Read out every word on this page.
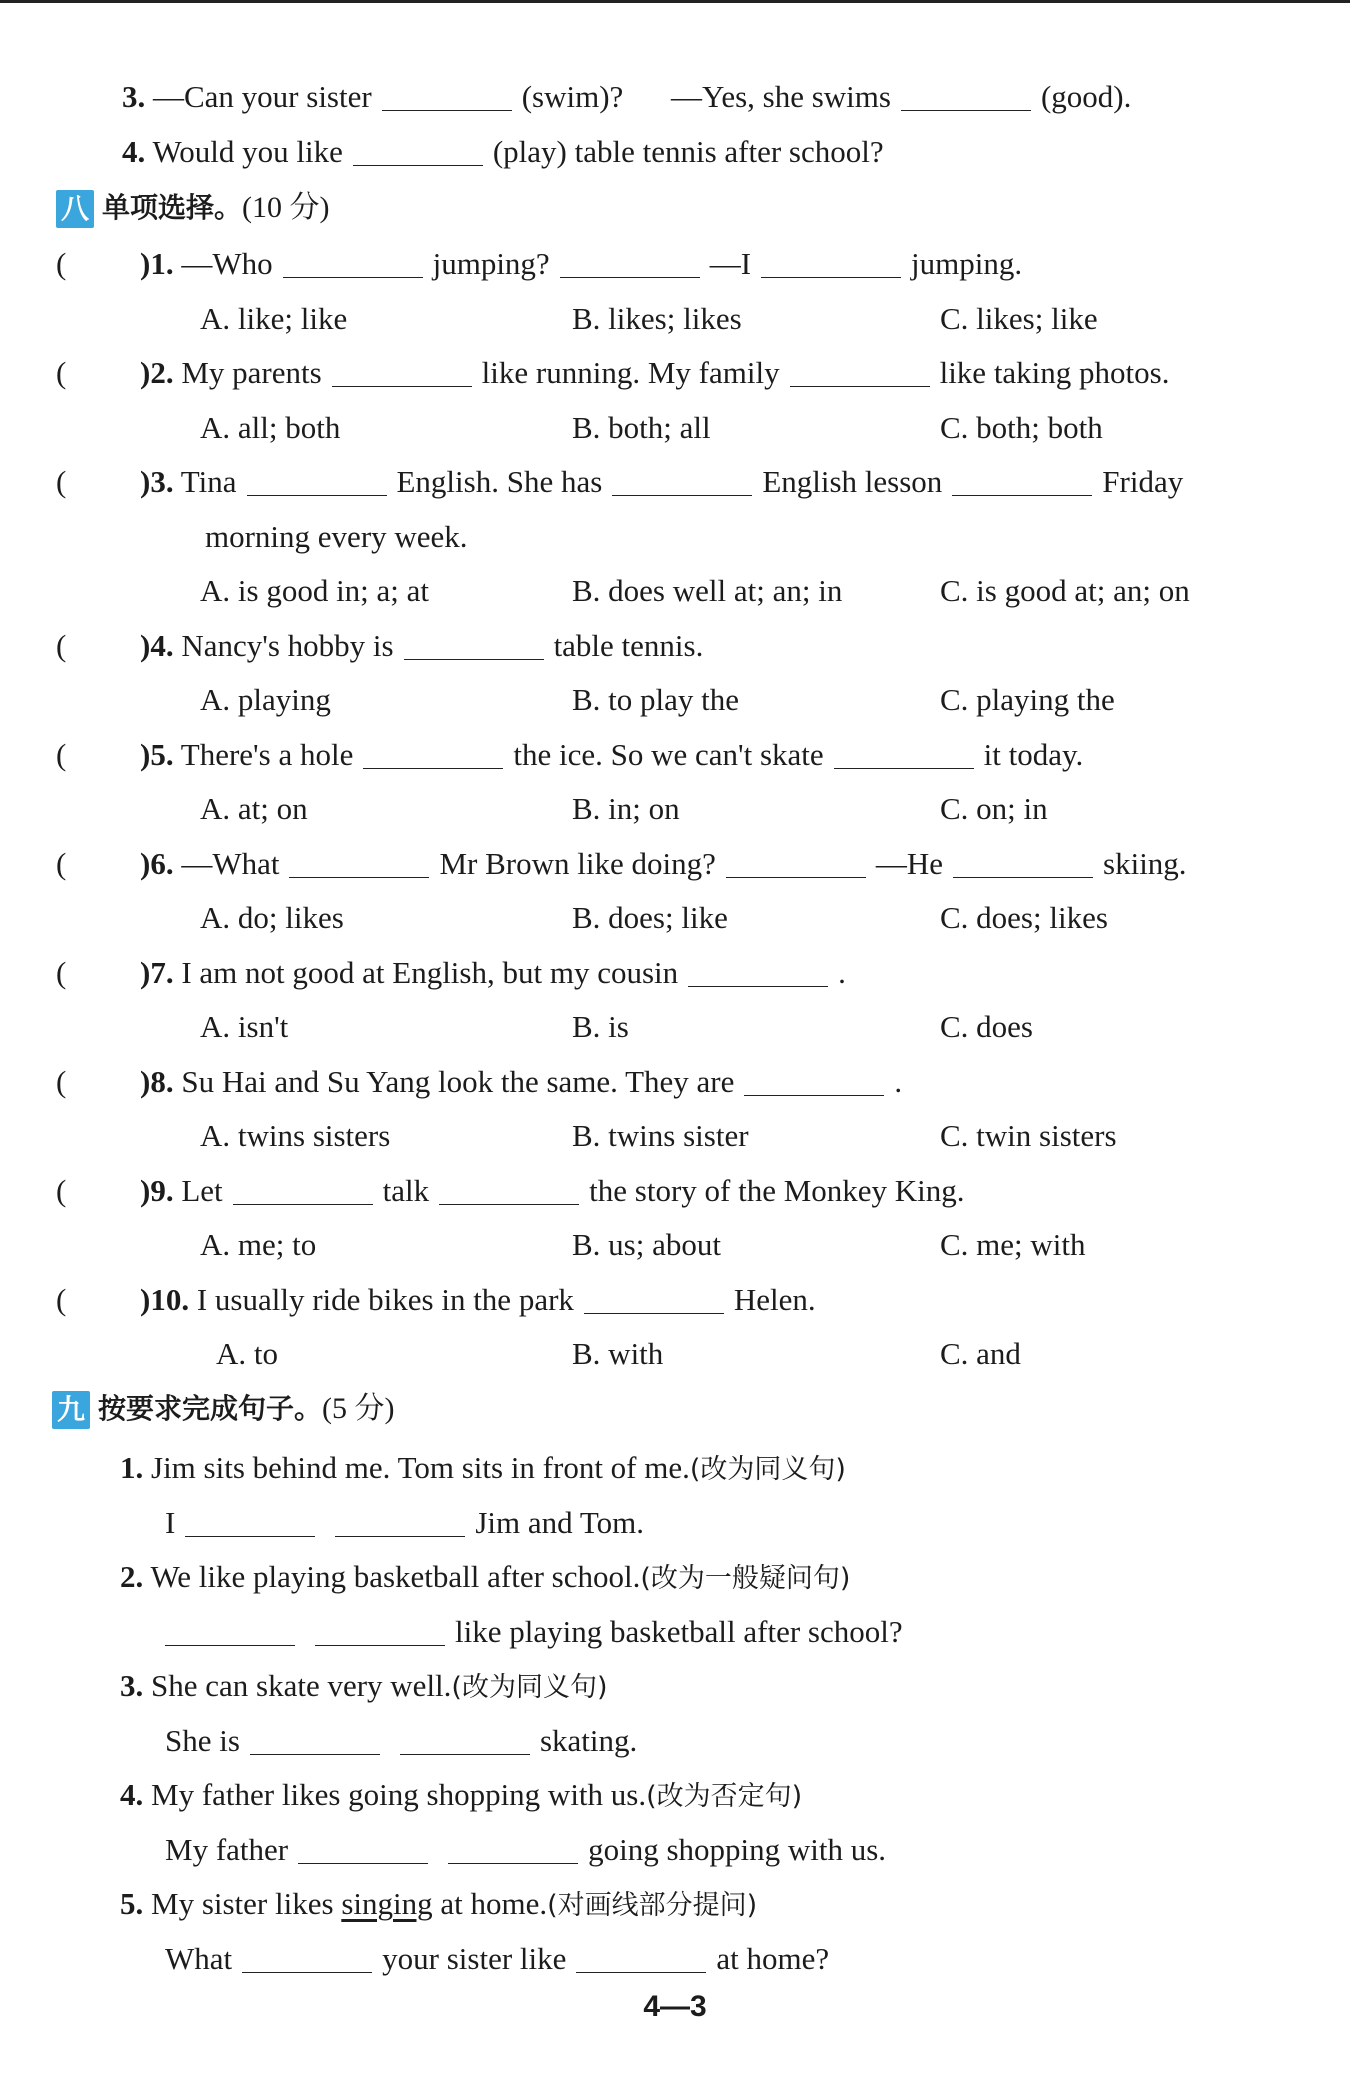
3. —Can your sister	(swim)? —Yes, she swims	(good).
4. Would you like	(play) table tennis after school?
八 单项选择。(10 分)
( )1. —Who	jumping?	—I	jumping.
A. like; like	B. likes; likes	C. likes; like
( )2. My parents	like running. My family	like taking photos.
A. all; both	B. both; all	C. both; both
( )3. Tina	English. She has	English lesson	Friday
morning every week.
A. is good in; a; at	B. does well at; an; in	C. is good at; an; on
( )4. Nancy's hobby is	table tennis.
A. playing	B. to play the	C. playing the
( )5. There's a hole	the ice. So we can't skate	it today.
A. at; on	B. in; on	C. on; in
( )6. —What	Mr Brown like doing?	—He	skiing.
A. do; likes	B. does; like	C. does; likes
( )7. I am not good at English, but my cousin	.
A. isn't	B. is	C. does
( )8. Su Hai and Su Yang look the same. They are	.
A. twins sisters	B. twins sister	C. twin sisters
( )9. Let	talk	the story of the Monkey King.
A. me; to	B. us; about	C. me; with
( )10. I usually ride bikes in the park	Helen.
A. to	B. with	C. and
九 按要求完成句子。(5 分)
1. Jim sits behind me. Tom sits in front of me.(改为同义句)
I	Jim and Tom.
2. We like playing basketball after school.(改为一般疑问句)
like playing basketball after school?
3. She can skate very well.(改为同义句)
She is	skating.
4. My father likes going shopping with us.(改为否定句)
My father	going shopping with us.
5. My sister likes singing at home.(对画线部分提问)
What	your sister like	at home?
4—3
